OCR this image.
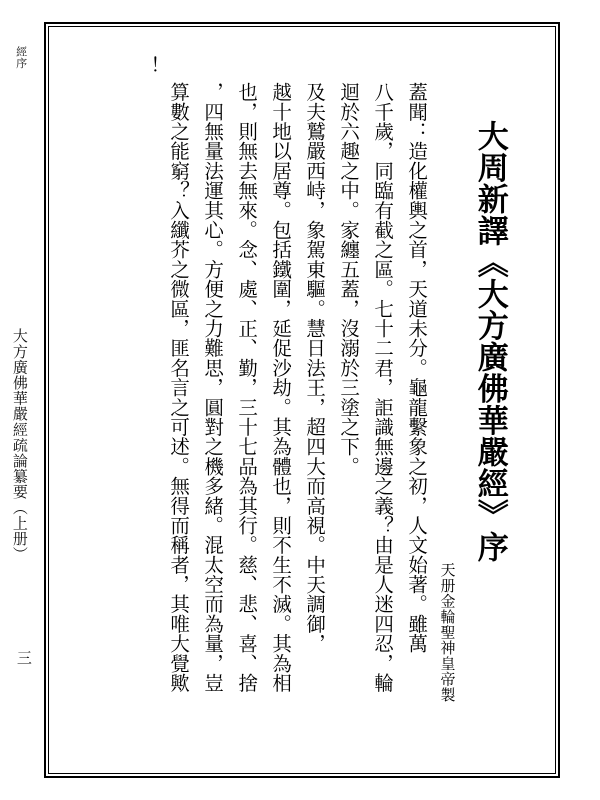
經序
大方廣佛華嚴經疏論纂要（上册）
三
大周新譯《大方廣佛華嚴經》序
天册金輪聖神皇帝製
蓋聞：造化權輿之首，天道未分。龜龍繫象之初，人文始著。雖萬
八千歲，同臨有截之區。七十二君，詎識無邊之義？由是人迷四忍，輪
迴於六趣之中。家纏五蓋，沒溺於三塗之下。
及夫鷲嚴西峙，象駕東驅。慧日法王，超四大而高視。中天調御，
越十地以居尊。包括鐵圍，延促沙劫。其為體也，則不生不滅。其為相
也，則無去無來。念、處、正、勤，三十七品為其行。慈、悲、喜、捨
，四無量法運其心。方便之力難思，圓對之機多緒。混太空而為量，豈
算數之能窮？入纖芥之微區，匪名言之可述。無得而稱者，其唯大覺歟
！
